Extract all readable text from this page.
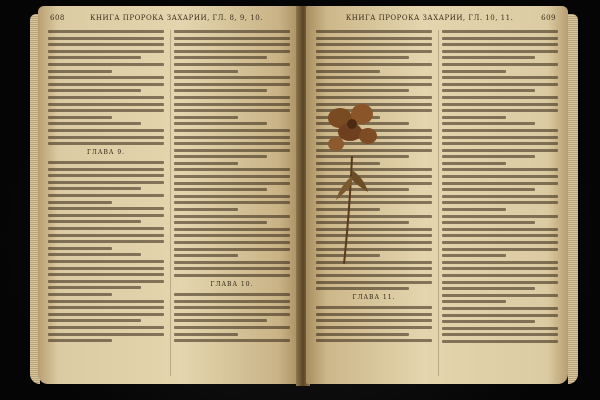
608	КНИГА ПРОРОКА ЗАХАРИИ, ГЛ. 8, 9, 10.
ГЛАВА 9.
ГЛАВА 10.
КНИГА ПРОРОКА ЗАХАРИИ, ГЛ. 10, 11.	609
ГЛАВА 11.
